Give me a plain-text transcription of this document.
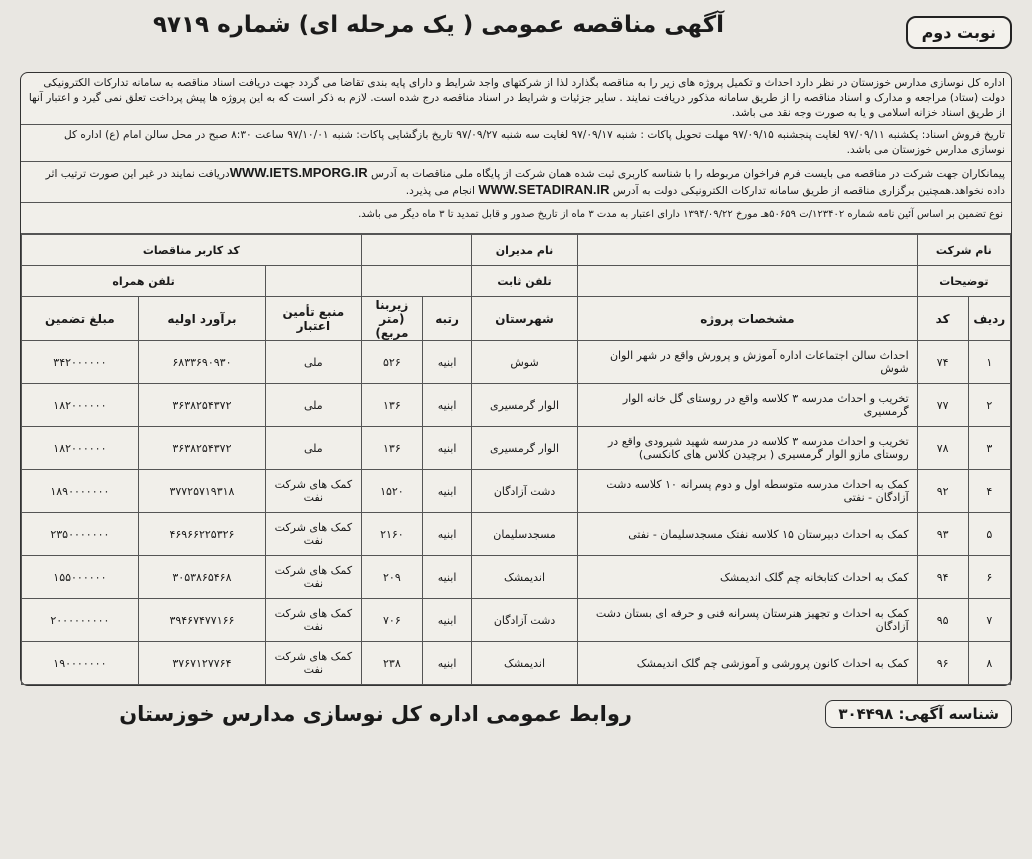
نوبت دوم
آگهی مناقصه عمومی ( یک مرحله ای) شماره ۹۷۱۹
اداره کل نوسازی مدارس خوزستان در نظر دارد احداث و تکمیل پروژه های زیر را به مناقصه بگذارد لذا از شرکتهای واجد شرایط و دارای پایه بندی تقاضا می گردد جهت دریافت اسناد مناقصه به سامانه تدارکات الکترونیکی دولت (ستاد) مراجعه و مدارک و اسناد مناقصه را از طریق سامانه مذکور دریافت نمایند . سایر جزئیات و شرایط در اسناد مناقصه درج شده است. لازم به ذکر است که به این پروژه ها پیش پرداخت تعلق نمی گیرد و اعتبار آنها از طریق اسناد خزانه اسلامی و یا به صورت وجه نقد می باشد.
تاریخ فروش اسناد: یکشنبه ۹۷/۰۹/۱۱ لغایت پنجشنبه ۹۷/۰۹/۱۵ مهلت تحویل پاکات : شنبه ۹۷/۰۹/۱۷ لغایت سه شنبه ۹۷/۰۹/۲۷ تاریخ بازگشایی پاکات: شنبه ۹۷/۱۰/۰۱ ساعت ۸:۳۰ صبح در محل سالن امام (ع) اداره کل نوسازی مدارس خوزستان می باشد.
پیمانکاران جهت شرکت در مناقصه می بایست فرم فراخوان مربوطه را با شناسه کاربری ثبت شده همان شرکت از پایگاه ملی مناقصات به آدرس WWW.IETS.MPORG.IRدریافت نمایند در غیر این صورت ترتیب اثر داده نخواهد.همچنین برگزاری مناقصه از طریق سامانه تدارکات الکترونیکی دولت به آدرس WWW.SETADIRAN.IR انجام می پذیرد.
نوع تضمین بر اساس آئین نامه شماره ۱۲۳۴۰۲/ت ۵۰۶۵۹هـ مورخ ۱۳۹۴/۰۹/۲۲ دارای اعتبار به مدت ۳ ماه از تاریخ صدور و قابل تمدید تا ۳ ماه دیگر می باشد.
نام شرکت			نام مدیران			کد کاربر مناقصات		
توضیحات			تلفن ثابت				تلفن همراه	
ردیف	کد	مشخصات پروژه	شهرستان	رتبه	زیربنا (متر مربع)	منبع تأمین اعتبار	برآورد اولیه	مبلغ تضمین
۱	۷۴	احداث سالن اجتماعات اداره آموزش و پرورش واقع در شهر الوان شوش	شوش	ابنیه	۵۲۶	ملی	۶۸۳۳۶۹۰۹۳۰	۳۴۲۰۰۰۰۰۰
۲	۷۷	تخریب و احداث مدرسه ۳ کلاسه واقع در روستای گل خانه الوار گرمسیری	الوار گرمسیری	ابنیه	۱۳۶	ملی	۳۶۳۸۲۵۴۳۷۲	۱۸۲۰۰۰۰۰۰
۳	۷۸	تخریب و احداث مدرسه ۳ کلاسه در مدرسه شهید شیرودی واقع در روستای مازو الوار گرمسیری ( برچیدن کلاس های کانکسی)	الوار گرمسیری	ابنیه	۱۳۶	ملی	۳۶۳۸۲۵۴۳۷۲	۱۸۲۰۰۰۰۰۰
۴	۹۲	کمک به احداث مدرسه متوسطه اول و دوم پسرانه ۱۰ کلاسه دشت آزادگان - نفتی	دشت آزادگان	ابنیه	۱۵۲۰	کمک های شرکت نفت	۳۷۷۲۵۷۱۹۳۱۸	۱۸۹۰۰۰۰۰۰۰
۵	۹۳	کمک به احداث دبیرستان ۱۵ کلاسه نفتک مسجدسلیمان - نفتی	مسجدسلیمان	ابنیه	۲۱۶۰	کمک های شرکت نفت	۴۶۹۶۶۲۲۵۳۲۶	۲۳۵۰۰۰۰۰۰۰
۶	۹۴	کمک به احداث کتابخانه چم گلک اندیمشک	اندیمشک	ابنیه	۲۰۹	کمک های شرکت نفت	۳۰۵۳۸۶۵۴۶۸	۱۵۵۰۰۰۰۰۰
۷	۹۵	کمک به احداث و تجهیز هنرستان پسرانه فنی و حرفه ای بستان دشت آزادگان	دشت آزادگان	ابنیه	۷۰۶	کمک های شرکت نفت	۳۹۴۶۷۴۷۷۱۶۶	۲۰۰۰۰۰۰۰۰۰
۸	۹۶	کمک به احداث کانون پرورشی و آموزشی چم گلک اندیمشک	اندیمشک	ابنیه	۲۳۸	کمک های شرکت نفت	۳۷۶۷۱۲۷۷۶۴	۱۹۰۰۰۰۰۰۰
شناسه آگهی: ۳۰۴۴۹۸
روابط عمومی اداره کل نوسازی مدارس خوزستان
